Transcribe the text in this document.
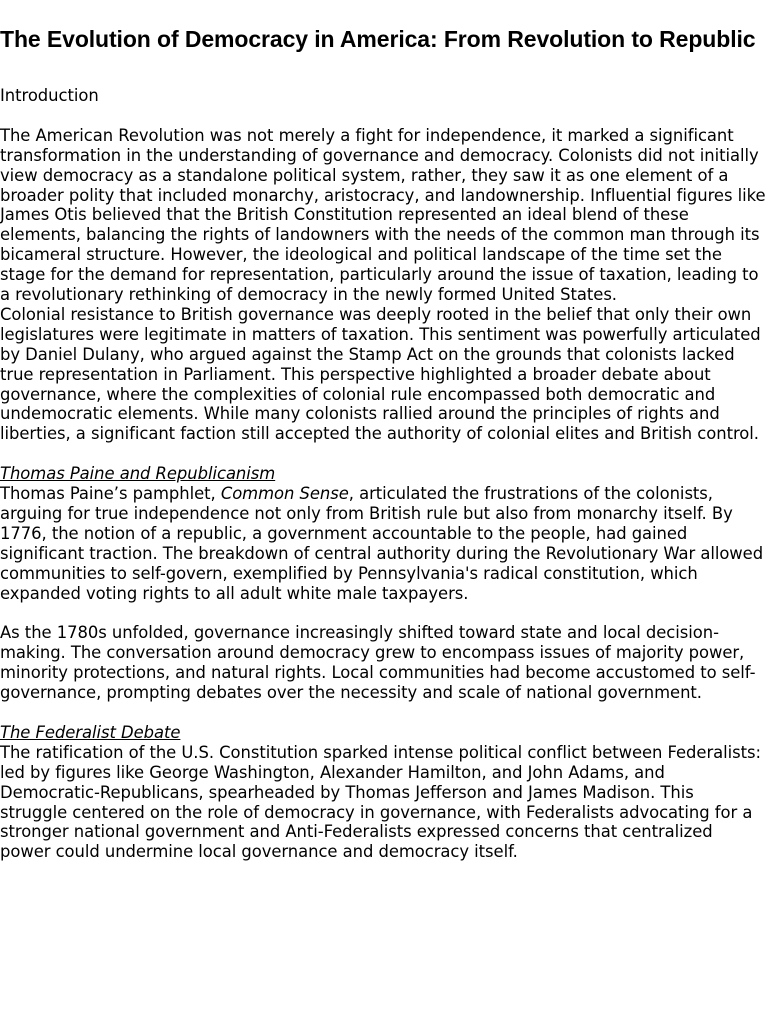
The Evolution of Democracy in America: From Revolution to Republic

Introduction

The American Revolution was not merely a fight for independence, it marked a significant transformation in the understanding of governance and democracy. Colonists did not initially view democracy as a standalone political system, rather, they saw it as one element of a broader polity that included monarchy, aristocracy, and landownership. Influential figures like James Otis believed that the British Constitution represented an ideal blend of these elements, balancing the rights of landowners with the needs of the common man through its bicameral structure. However, the ideological and political landscape of the time set the stage for the demand for representation, particularly around the issue of taxation, leading to a revolutionary rethinking of democracy in the newly formed United States.

Colonial resistance to British governance was deeply rooted in the belief that only their own legislatures were legitimate in matters of taxation. This sentiment was powerfully articulated by Daniel Dulany, who argued against the Stamp Act on the grounds that colonists lacked true representation in Parliament. This perspective highlighted a broader debate about governance, where the complexities of colonial rule encompassed both democratic and undemocratic elements. While many colonists rallied around the principles of rights and liberties, a significant faction still accepted the authority of colonial elites and British control.

Thomas Paine and Republicanism

Thomas Paine’s pamphlet, Common Sense, articulated the frustrations of the colonists, arguing for true independence not only from British rule but also from monarchy itself. By 1776, the notion of a republic, a government accountable to the people, had gained significant traction. The breakdown of central authority during the Revolutionary War allowed communities to self-govern, exemplified by Pennsylvania's radical constitution, which expanded voting rights to all adult white male taxpayers.

As the 1780s unfolded, governance increasingly shifted toward state and local decision-making. The conversation around democracy grew to encompass issues of majority power, minority protections, and natural rights. Local communities had become accustomed to self-governance, prompting debates over the necessity and scale of national government.

The Federalist Debate

The ratification of the U.S. Constitution sparked intense political conflict between Federalists: led by figures like George Washington, Alexander Hamilton, and John Adams, and Democratic-Republicans, spearheaded by Thomas Jefferson and James Madison. This struggle centered on the role of democracy in governance, with Federalists advocating for a stronger national government and Anti-Federalists expressed concerns that centralized power could undermine local governance and democracy itself.
